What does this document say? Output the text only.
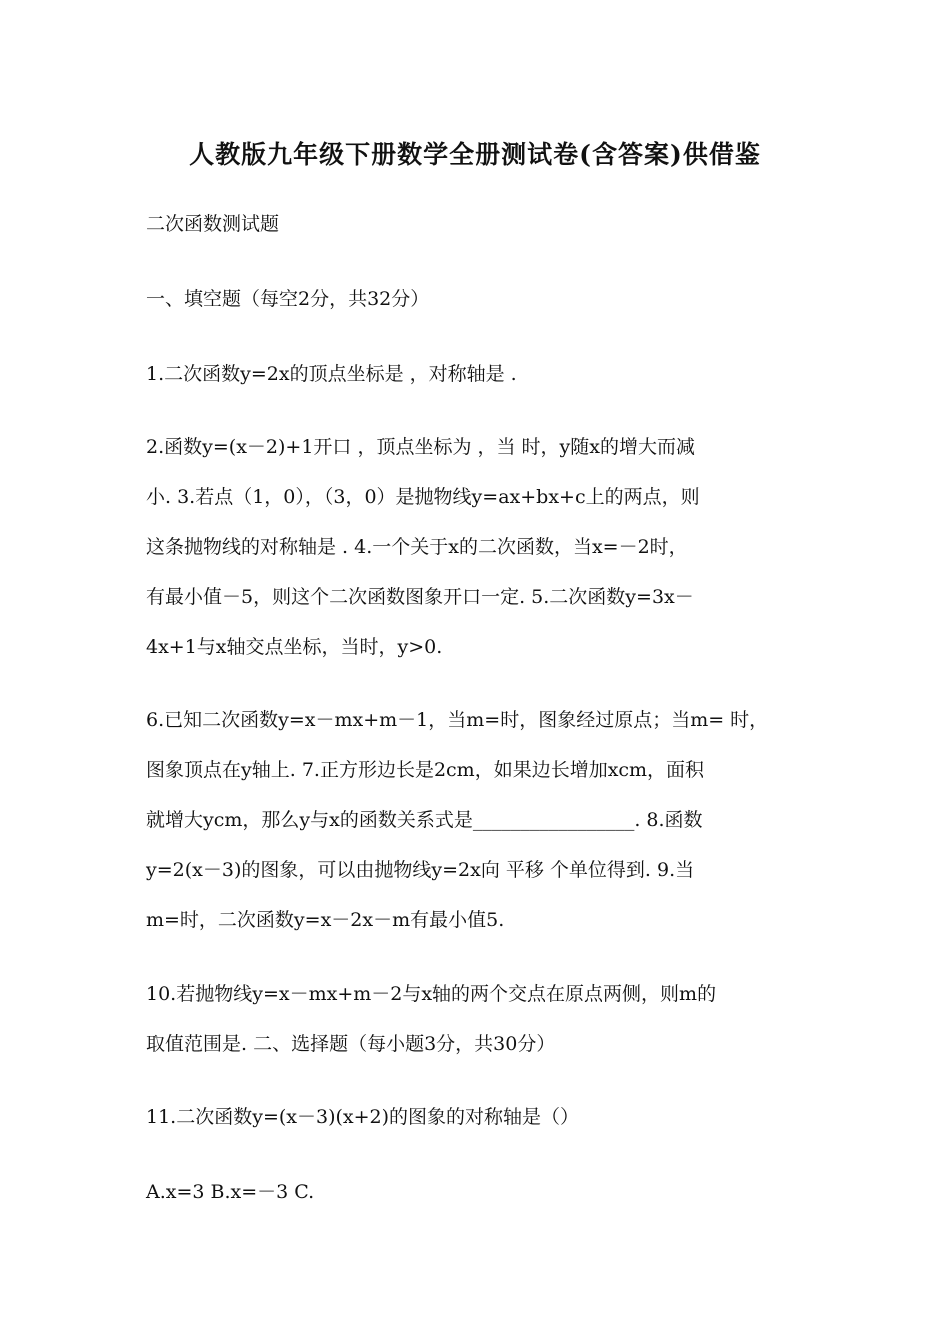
人教版九年级下册数学全册测试卷(含答案)供借鉴
二次函数测试题
一、填空题（每空2分，共32分）
1.二次函数y=2x的顶点坐标是 ，对称轴是 .
2.函数y=(x－2)+1开口 ，顶点坐标为 ，当 时，y随x的增大而减
小. 3.若点（1，0），（3，0）是抛物线y=ax+bx+c上的两点，则
这条抛物线的对称轴是 . 4.一个关于x的二次函数，当x=－2时，
有最小值－5，则这个二次函数图象开口一定. 5.二次函数y=3x－
4x+1与x轴交点坐标，当时，y>0.
6.已知二次函数y=x－mx+m－1，当m=时，图象经过原点；当m= 时，
图象顶点在y轴上. 7.正方形边长是2cm，如果边长增加xcm，面积
就增大ycm，那么y与x的函数关系式是_________________. 8.函数
y=2(x－3)的图象，可以由抛物线y=2x向 平移 个单位得到. 9.当
m=时，二次函数y=x－2x－m有最小值5.
10.若抛物线y=x－mx+m－2与x轴的两个交点在原点两侧，则m的
取值范围是. 二、选择题（每小题3分，共30分）
11.二次函数y=(x－3)(x+2)的图象的对称轴是（）
A.x=3 B.x=－3 C.
